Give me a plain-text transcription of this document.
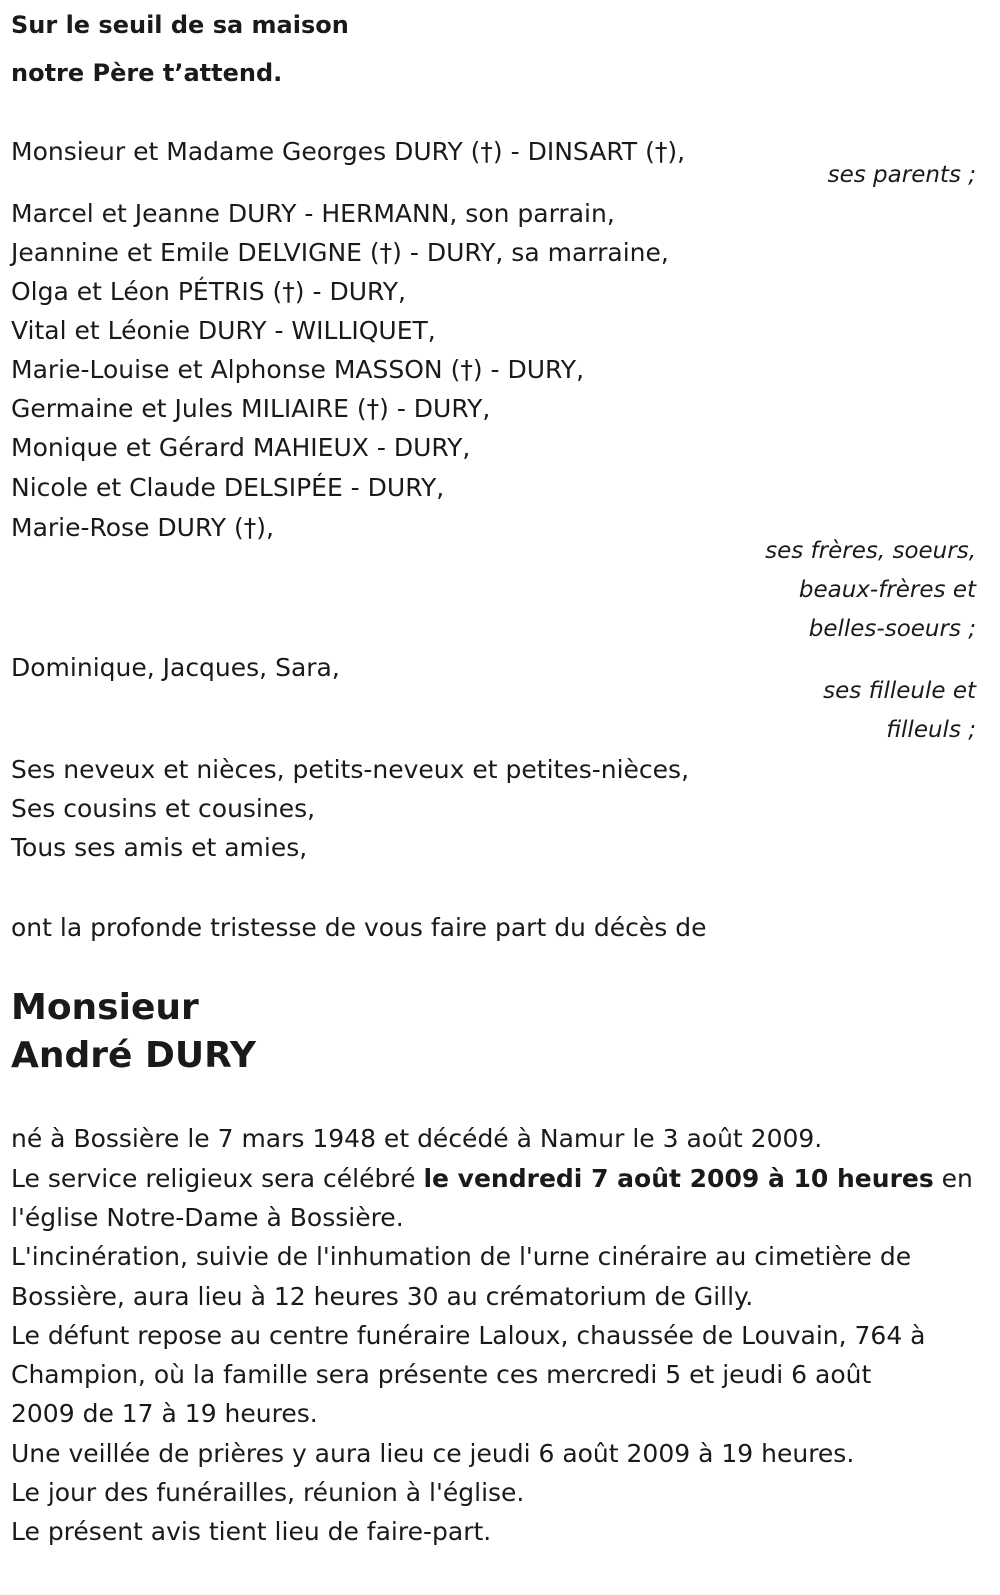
Sur le seuil de sa maison
notre Père t’attend.
Monsieur et Madame Georges DURY (†) - DINSART (†),
ses parents ;
Marcel et Jeanne DURY - HERMANN, son parrain,
Jeannine et Emile DELVIGNE (†) - DURY, sa marraine,
Olga et Léon PÉTRIS (†) - DURY,
Vital et Léonie DURY - WILLIQUET,
Marie-Louise et Alphonse MASSON (†) - DURY,
Germaine et Jules MILIAIRE (†) - DURY,
Monique et Gérard MAHIEUX - DURY,
Nicole et Claude DELSIPÉE - DURY,
Marie-Rose DURY (†),
ses frères, soeurs,
beaux-frères et
belles-soeurs ;
Dominique, Jacques, Sara,
ses filleule et
filleuls ;
Ses neveux et nièces, petits-neveux et petites-nièces,
Ses cousins et cousines,
Tous ses amis et amies,
ont la profonde tristesse de vous faire part du décès de
Monsieur
André DURY
né à Bossière le 7 mars 1948 et décédé à Namur le 3 août 2009.
Le service religieux sera célébré le vendredi 7 août 2009 à 10 heures en
l'église Notre-Dame à Bossière.
L'incinération, suivie de l'inhumation de l'urne cinéraire au cimetière de
Bossière, aura lieu à 12 heures 30 au crématorium de Gilly.
Le défunt repose au centre funéraire Laloux, chaussée de Louvain, 764 à
Champion, où la famille sera présente ces mercredi 5 et jeudi 6 août
2009 de 17 à 19 heures.
Une veillée de prières y aura lieu ce jeudi 6 août 2009 à 19 heures.
Le jour des funérailles, réunion à l'église.
Le présent avis tient lieu de faire-part.
